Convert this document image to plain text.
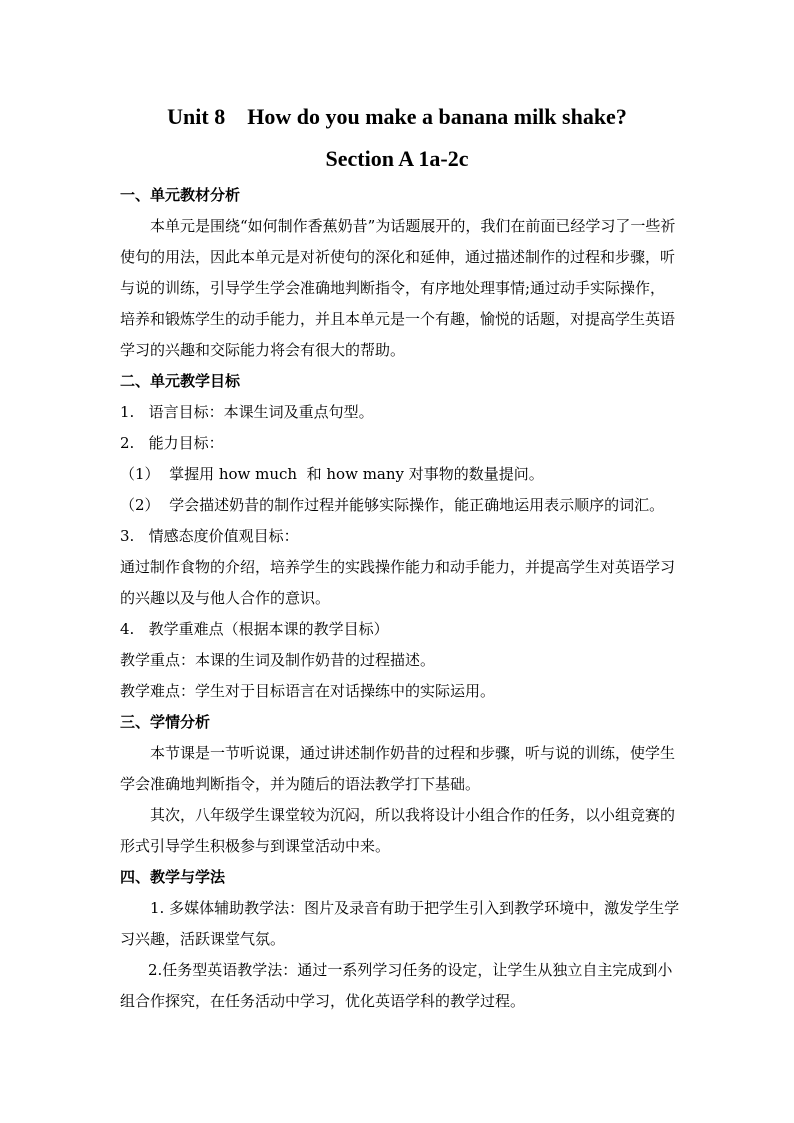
Unit 8    How do you make a banana milk shake?
Section A 1a-2c

一、单元教材分析

本单元是围绕“如何制作香蕉奶昔”为话题展开的，我们在前面已经学习了一些祈使句的用法，因此本单元是对祈使句的深化和延伸，通过描述制作的过程和步骤，听与说的训练，引导学生学会准确地判断指令，有序地处理事情;通过动手实际操作，培养和锻炼学生的动手能力，并且本单元是一个有趣，愉悦的话题，对提高学生英语学习的兴趣和交际能力将会有很大的帮助。

二、单元教学目标

1.   语言目标：本课生词及重点句型。

2.   能力目标：

（1）  掌握用 how much  和 how many 对事物的数量提问。

（2）  学会描述奶昔的制作过程并能够实际操作，能正确地运用表示顺序的词汇。

3.   情感态度价值观目标：

通过制作食物的介绍，培养学生的实践操作能力和动手能力，并提高学生对英语学习的兴趣以及与他人合作的意识。

4.   教学重难点（根据本课的教学目标）

教学重点：本课的生词及制作奶昔的过程描述。

教学难点：学生对于目标语言在对话操练中的实际运用。

三、学情分析

本节课是一节听说课，通过讲述制作奶昔的过程和步骤，听与说的训练，使学生学会准确地判断指令，并为随后的语法教学打下基础。

其次，八年级学生课堂较为沉闷，所以我将设计小组合作的任务，以小组竞赛的形式引导学生积极参与到课堂活动中来。

四、教学与学法

1. 多媒体辅助教学法：图片及录音有助于把学生引入到教学环境中，激发学生学习兴趣，活跃课堂气氛。

2.任务型英语教学法：通过一系列学习任务的设定，让学生从独立自主完成到小组合作探究，在任务活动中学习，优化英语学科的教学过程。
